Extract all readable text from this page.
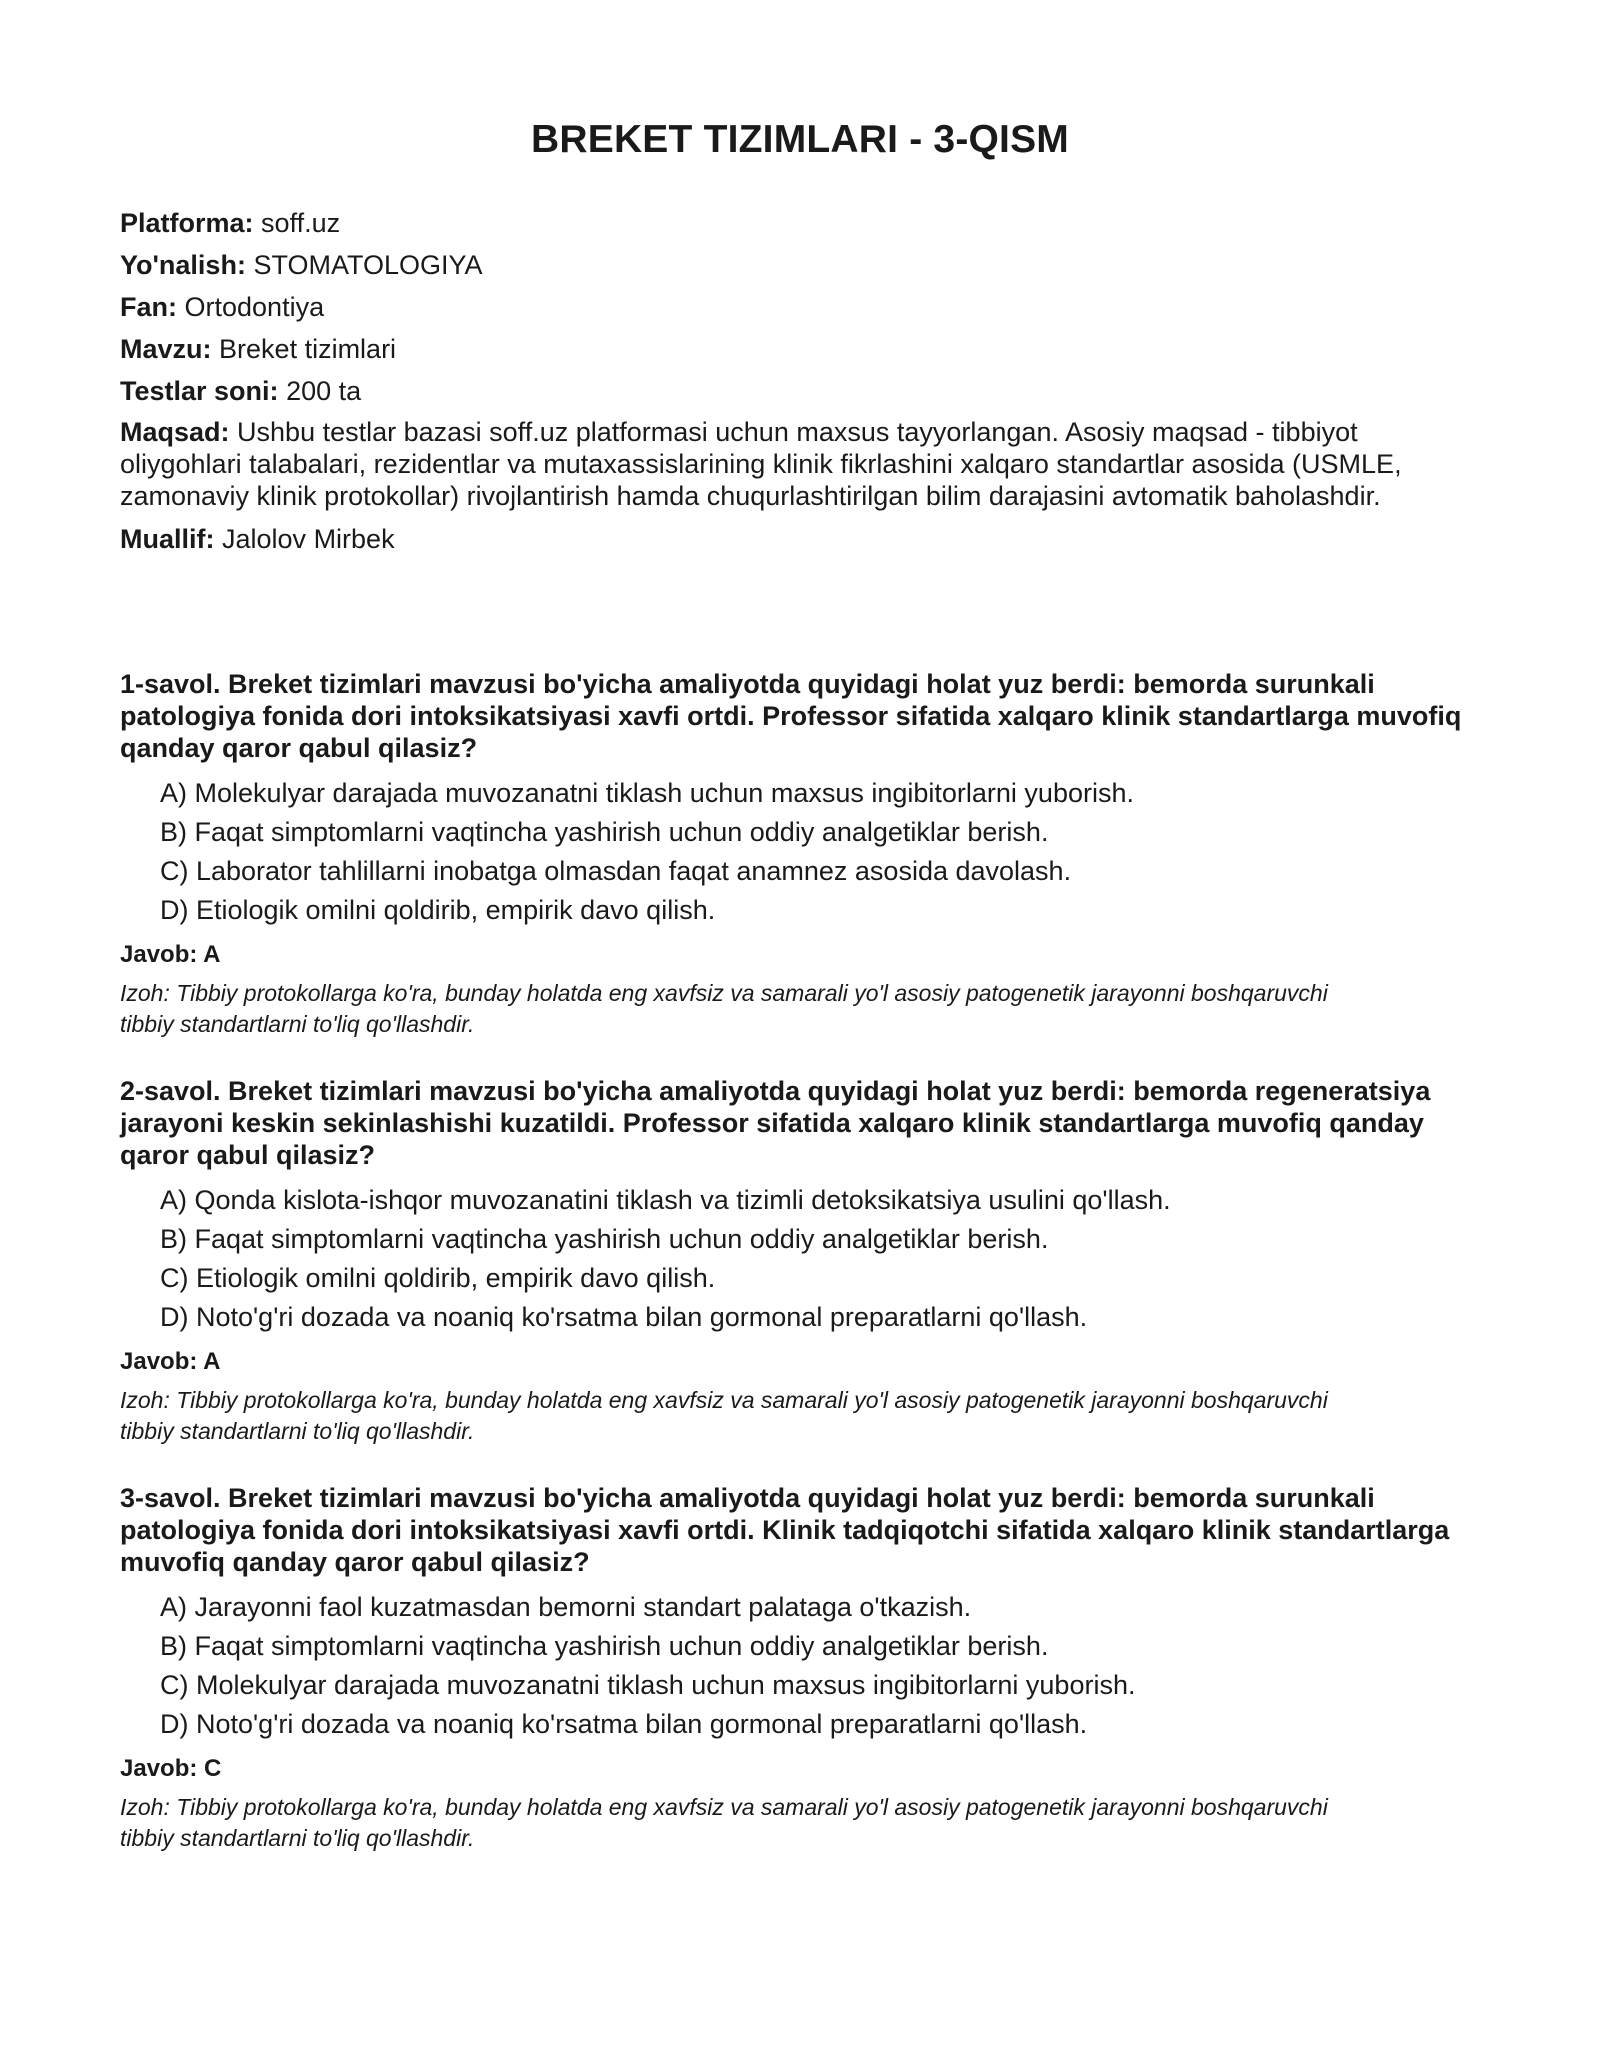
BREKET TIZIMLARI - 3-QISM

Platforma: soff.uz

Yo'nalish: STOMATOLOGIYA

Fan: Ortodontiya

Mavzu: Breket tizimlari

Testlar soni: 200 ta

Maqsad: Ushbu testlar bazasi soff.uz platformasi uchun maxsus tayyorlangan. Asosiy maqsad - tibbiyot oliygohlari talabalari, rezidentlar va mutaxassislarining klinik fikrlashini xalqaro standartlar asosida (USMLE, zamonaviy klinik protokollar) rivojlantirish hamda chuqurlashtirilgan bilim darajasini avtomatik baholashdir.

Muallif: Jalolov Mirbek

1-savol. Breket tizimlari mavzusi bo'yicha amaliyotda quyidagi holat yuz berdi: bemorda surunkali patologiya fonida dori intoksikatsiyasi xavfi ortdi. Professor sifatida xalqaro klinik standartlarga muvofiq qanday qaror qabul qilasiz?

A) Molekulyar darajada muvozanatni tiklash uchun maxsus ingibitorlarni yuborish.
B) Faqat simptomlarni vaqtincha yashirish uchun oddiy analgetiklar berish.
C) Laborator tahlillarni inobatga olmasdan faqat anamnez asosida davolash.
D) Etiologik omilni qoldirib, empirik davo qilish.

Javob: A

Izoh: Tibbiy protokollarga ko'ra, bunday holatda eng xavfsiz va samarali yo'l asosiy patogenetik jarayonni boshqaruvchi tibbiy standartlarni to'liq qo'llashdir.

2-savol. Breket tizimlari mavzusi bo'yicha amaliyotda quyidagi holat yuz berdi: bemorda regeneratsiya jarayoni keskin sekinlashishi kuzatildi. Professor sifatida xalqaro klinik standartlarga muvofiq qanday qaror qabul qilasiz?

A) Qonda kislota-ishqor muvozanatini tiklash va tizimli detoksikatsiya usulini qo'llash.
B) Faqat simptomlarni vaqtincha yashirish uchun oddiy analgetiklar berish.
C) Etiologik omilni qoldirib, empirik davo qilish.
D) Noto'g'ri dozada va noaniq ko'rsatma bilan gormonal preparatlarni qo'llash.

Javob: A

Izoh: Tibbiy protokollarga ko'ra, bunday holatda eng xavfsiz va samarali yo'l asosiy patogenetik jarayonni boshqaruvchi tibbiy standartlarni to'liq qo'llashdir.

3-savol. Breket tizimlari mavzusi bo'yicha amaliyotda quyidagi holat yuz berdi: bemorda surunkali patologiya fonida dori intoksikatsiyasi xavfi ortdi. Klinik tadqiqotchi sifatida xalqaro klinik standartlarga muvofiq qanday qaror qabul qilasiz?

A) Jarayonni faol kuzatmasdan bemorni standart palataga o'tkazish.
B) Faqat simptomlarni vaqtincha yashirish uchun oddiy analgetiklar berish.
C) Molekulyar darajada muvozanatni tiklash uchun maxsus ingibitorlarni yuborish.
D) Noto'g'ri dozada va noaniq ko'rsatma bilan gormonal preparatlarni qo'llash.

Javob: C

Izoh: Tibbiy protokollarga ko'ra, bunday holatda eng xavfsiz va samarali yo'l asosiy patogenetik jarayonni boshqaruvchi tibbiy standartlarni to'liq qo'llashdir.
